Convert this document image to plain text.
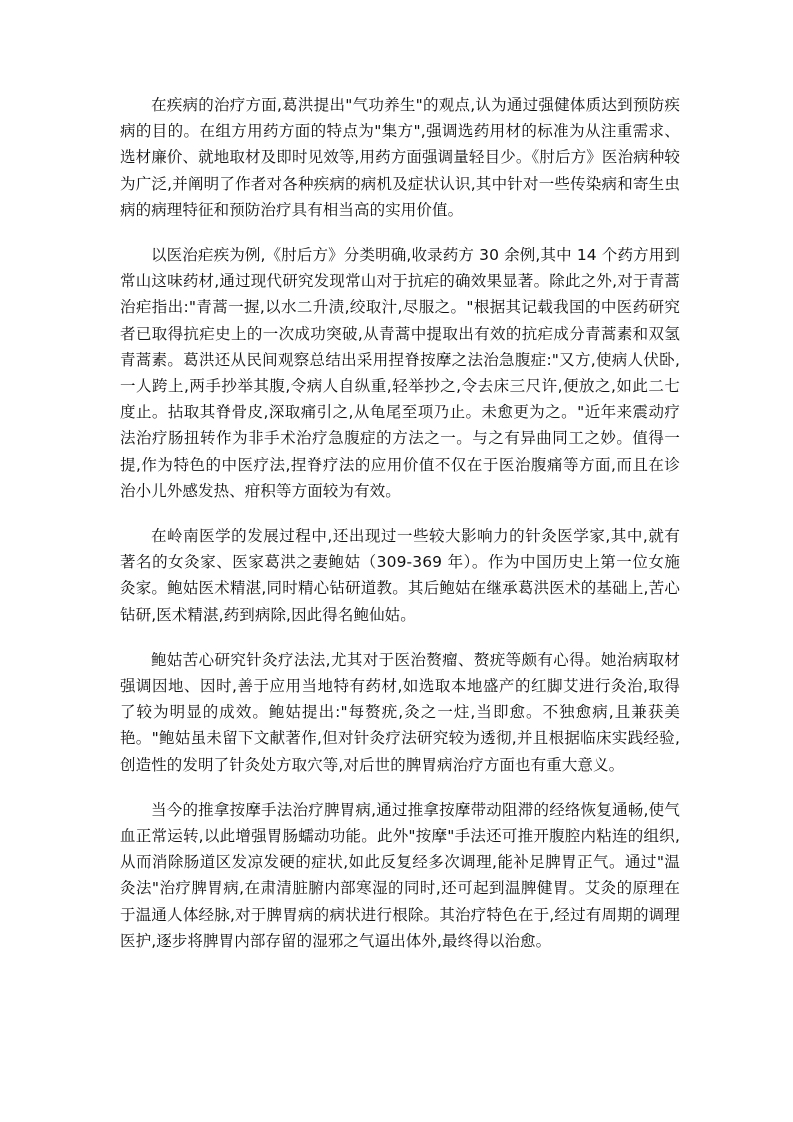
在疾病的治疗方面,葛洪提出"气功养生"的观点,认为通过强健体质达到预防疾病的目的。在组方用药方面的特点为"集方",强调选药用材的标准为从注重需求、选材廉价、就地取材及即时见效等,用药方面强调量轻目少。《肘后方》医治病种较为广泛,并阐明了作者对各种疾病的病机及症状认识,其中针对一些传染病和寄生虫病的病理特征和预防治疗具有相当高的实用价值。

以医治疟疾为例,《肘后方》分类明确,收录药方 30 余例,其中 14 个药方用到常山这味药材,通过现代研究发现常山对于抗疟的确效果显著。除此之外,对于青蒿治疟指出:"青蒿一握,以水二升渍,绞取汁,尽服之。"根据其记载我国的中医药研究者已取得抗疟史上的一次成功突破,从青蒿中提取出有效的抗疟成分青蒿素和双氢青蒿素。葛洪还从民间观察总结出采用捏脊按摩之法治急腹症:"又方,使病人伏卧,一人跨上,两手抄举其腹,令病人自纵重,轻举抄之,令去床三尺许,便放之,如此二七度止。拈取其脊骨皮,深取痛引之,从龟尾至项乃止。未愈更为之。"近年来震动疗法治疗肠扭转作为非手术治疗急腹症的方法之一。与之有异曲同工之妙。值得一提,作为特色的中医疗法,捏脊疗法的应用价值不仅在于医治腹痛等方面,而且在诊治小儿外感发热、疳积等方面较为有效。

在岭南医学的发展过程中,还出现过一些较大影响力的针灸医学家,其中,就有著名的女灸家、医家葛洪之妻鲍姑（309-369 年）。作为中国历史上第一位女施灸家。鲍姑医术精湛,同时精心钻研道教。其后鲍姑在继承葛洪医术的基础上,苦心钻研,医术精湛,药到病除,因此得名鲍仙姑。

鲍姑苦心研究针灸疗法法,尤其对于医治赘瘤、赘疣等颇有心得。她治病取材强调因地、因时,善于应用当地特有药材,如选取本地盛产的红脚艾进行灸治,取得了较为明显的成效。鲍姑提出:"每赘疣,灸之一炷,当即愈。不独愈病,且兼获美艳。"鲍姑虽未留下文献著作,但对针灸疗法研究较为透彻,并且根据临床实践经验,创造性的发明了针灸处方取穴等,对后世的脾胃病治疗方面也有重大意义。

当今的推拿按摩手法治疗脾胃病,通过推拿按摩带动阻滞的经络恢复通畅,使气血正常运转,以此增强胃肠蠕动功能。此外"按摩"手法还可推开腹腔内粘连的组织,从而消除肠道区发凉发硬的症状,如此反复经多次调理,能补足脾胃正气。通过"温灸法"治疗脾胃病,在肃清脏腑内部寒湿的同时,还可起到温脾健胃。艾灸的原理在于温通人体经脉,对于脾胃病的病状进行根除。其治疗特色在于,经过有周期的调理医护,逐步将脾胃内部存留的湿邪之气逼出体外,最终得以治愈。
